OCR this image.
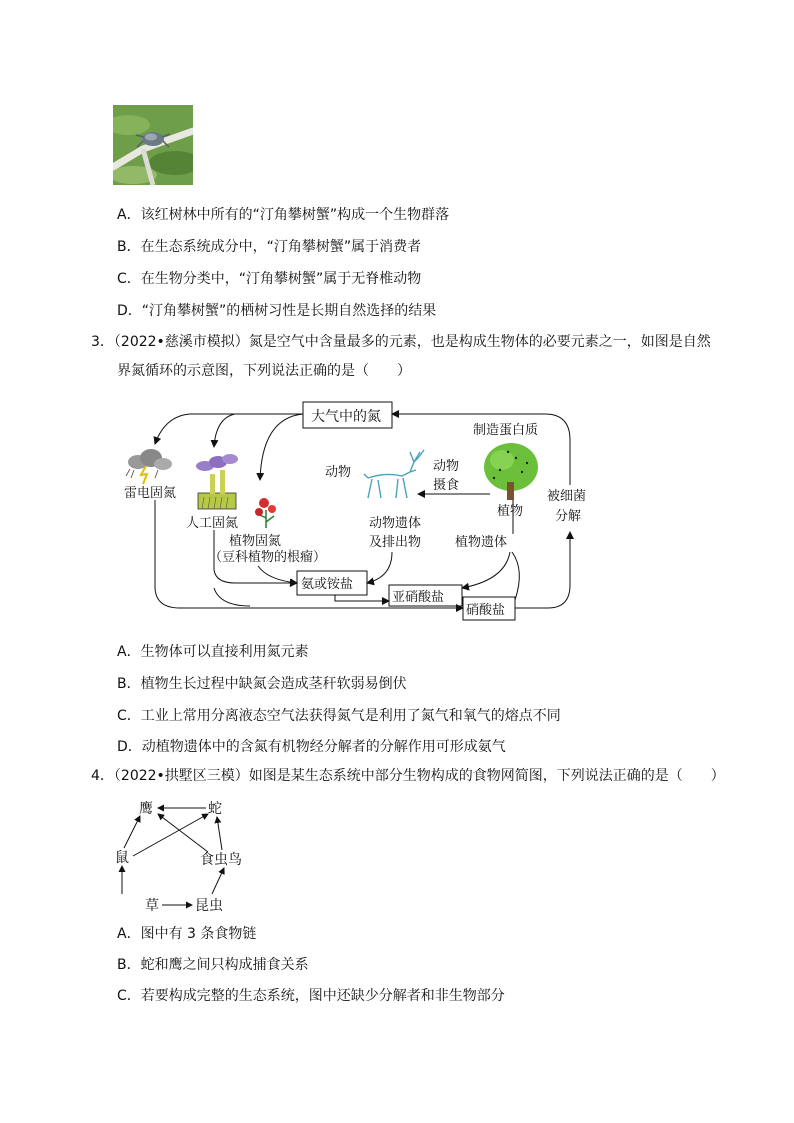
A．该红树林中所有的“汀角攀树蟹”构成一个生物群落
B．在生态系统成分中，“汀角攀树蟹”属于消费者
C．在生物分类中，“汀角攀树蟹”属于无脊椎动物
D．“汀角攀树蟹”的栖树习性是长期自然选择的结果
3．（2022•慈溪市模拟）氮是空气中含量最多的元素，也是构成生物体的必要元素之一，如图是自然
界氮循环的示意图，下列说法正确的是（　　）
大气中的氮
制造蛋白质
动物	动物
摄食
植物
被细菌
分解
雷电固氮
人工固氮
植物固氮
（豆科植物的根瘤）
动物遗体
及排出物	植物遗体
氨或铵盐
亚硝酸盐
硝酸盐
A．生物体可以直接利用氮元素
B．植物生长过程中缺氮会造成茎秆软弱易倒伏
C．工业上常用分离液态空气法获得氮气是利用了氮气和氧气的熔点不同
D．动植物遗体中的含氮有机物经分解者的分解作用可形成氨气
4．（2022•拱墅区三模）如图是某生态系统中部分生物构成的食物网简图，下列说法正确的是（　　）
鹰	蛇
鼠	食虫鸟
草	昆虫
A．图中有 3 条食物链
B．蛇和鹰之间只构成捕食关系
C．若要构成完整的生态系统，图中还缺少分解者和非生物部分
